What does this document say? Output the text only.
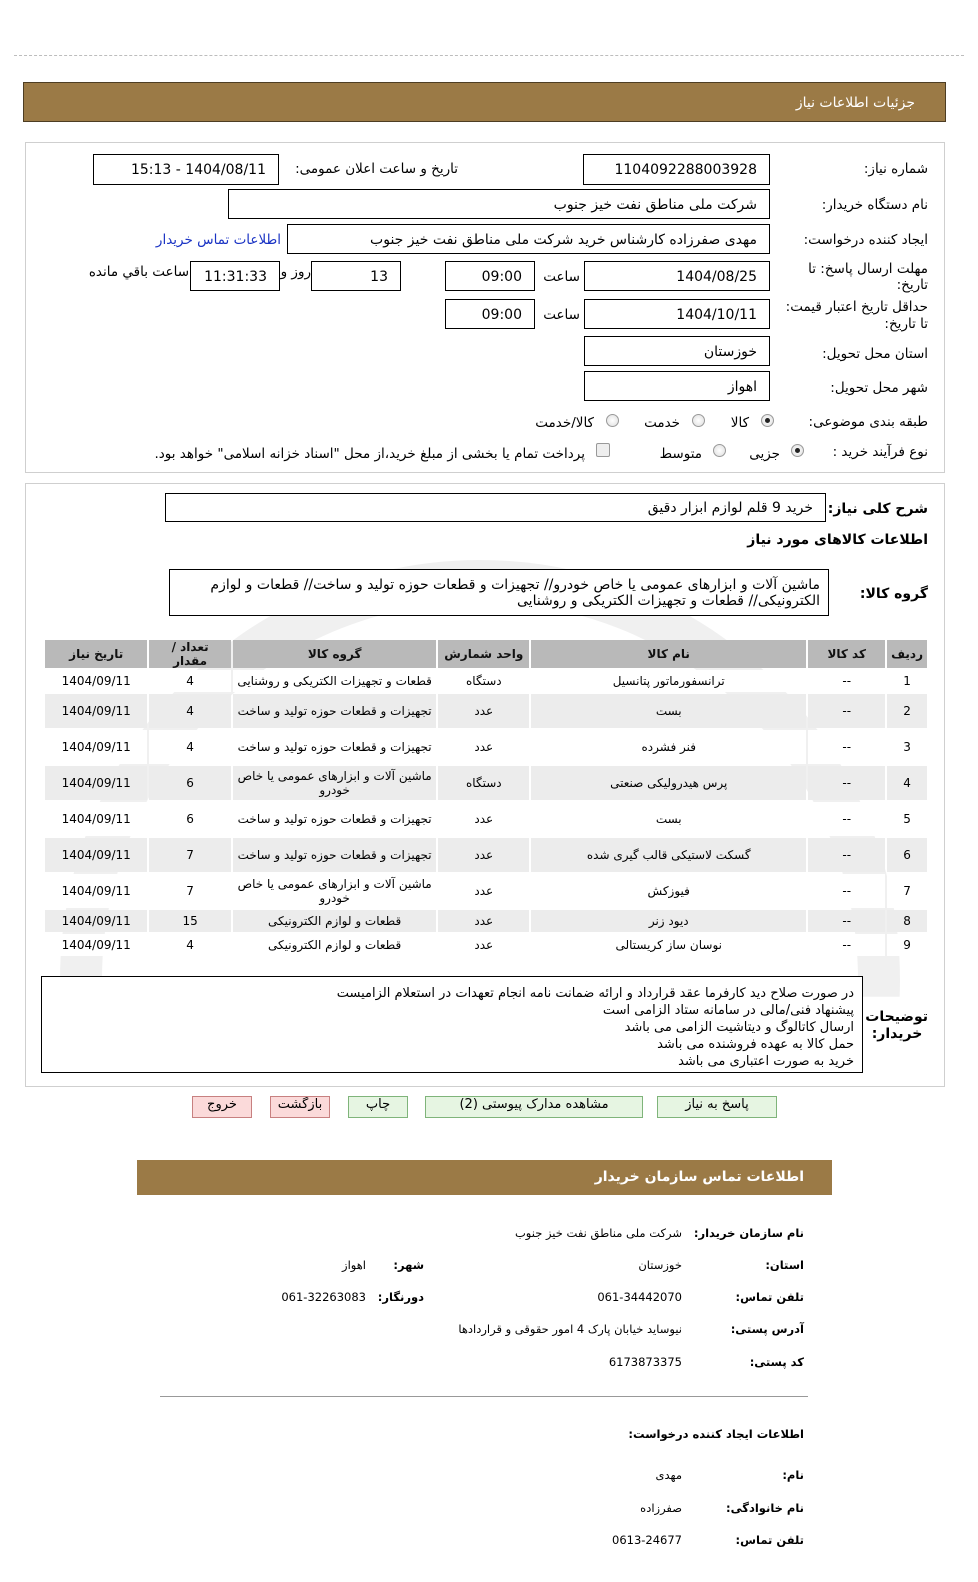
جزئیات اطلاعات نیاز
شماره نیاز:
1104092288003928
تاریخ و ساعت اعلان عمومی:
1404/08/11 - 15:13
نام دستگاه خریدار:
شرکت ملی مناطق نفت خیز جنوب
ایجاد کننده درخواست:
مهدی صفرزاده کارشناس خرید شرکت ملی مناطق نفت خیز جنوب
اطلاعات تماس خریدار
مهلت ارسال پاسخ: تا
تاریخ:
1404/08/25
ساعت
09:00
13
روز و
11:31:33
ساعت باقي مانده
حداقل تاریخ اعتبار قیمت:
تا تاریخ:
1404/10/11
ساعت
09:00
استان محل تحویل:
خوزستان
شهر محل تحویل:
اهواز
طبقه بندی موضوعی:
کالا
خدمت
کالا/خدمت
نوع فرآیند خرید :
جزیی
متوسط
پرداخت تمام یا بخشی از مبلغ خرید،از محل "اسناد خزانه اسلامی" خواهد بود.
شرح کلی نیاز:
خرید 9 قلم لوازم ابزار دقیق
اطلاعات کالاهای مورد نیاز
گروه کالا:
ماشین آلات و ابزارهای عمومی یا خاص خودرو// تجهیزات و قطعات حوزه تولید و ساخت// قطعات و لوازم الکترونیکی// قطعات و تجهیزات الکتریکی و روشنایی
ردیف	کد کالا	نام کالا	واحد شمارش	گروه کالا	تعداد / مقدار	تاریخ نیاز
1	--	ترانسفورماتور پتانسیل	دستگاه	قطعات و تجهیزات الکتریکی و روشنایی	4	1404/09/11
2	--	بست	عدد	تجهیزات و قطعات حوزه تولید و ساخت	4	1404/09/11
3	--	فنر فشرده	عدد	تجهیزات و قطعات حوزه تولید و ساخت	4	1404/09/11
4	--	پرس هیدرولیکی صنعتی	دستگاه	ماشین آلات و ابزارهای عمومی یا خاص خودرو	6	1404/09/11
5	--	بست	عدد	تجهیزات و قطعات حوزه تولید و ساخت	6	1404/09/11
6	--	گسکت لاستیکی قالب گیری شده	عدد	تجهیزات و قطعات حوزه تولید و ساخت	7	1404/09/11
7	--	فیوزکش	عدد	ماشین آلات و ابزارهای عمومی یا خاص خودرو	7	1404/09/11
8	--	دیود زنر	عدد	قطعات و لوازم الکترونیکی	15	1404/09/11
9	--	نوسان ساز کریستالی	عدد	قطعات و لوازم الکترونیکی	4	1404/09/11
توضیحات خریدار:
در صورت صلاح دید کارفرما عقد قرارداد و ارائه ضمانت نامه انجام تعهدات در استعلام الزامیست
پیشنهاد فنی/مالی در سامانه ستاد الزامی است
ارسال کاتالوگ و دیتاشیت الزامی می باشد
حمل کالا به عهده فروشنده می باشد
خرید به صورت اعتباری می باشد
پاسخ به نیاز
مشاهده مدارک پیوستی (2)
چاپ
بازگشت
خروج
اطلاعات تماس سازمان خریدار
نام سازمان خریدار:
شرکت ملی مناطق نفت خیز جنوب
استان:
خوزستان
شهر:
اهواز
تلفن تماس:
061-34442070
دورنگار:
061-32263083
آدرس پستی:
نیوساید خیابان پارک 4 امور حقوقی و قراردادها
کد پستی:
6173873375
اطلاعات ایجاد کننده درخواست:
نام:
مهدی
نام خانوادگی:
صفرزاده
تلفن تماس:
0613-24677
